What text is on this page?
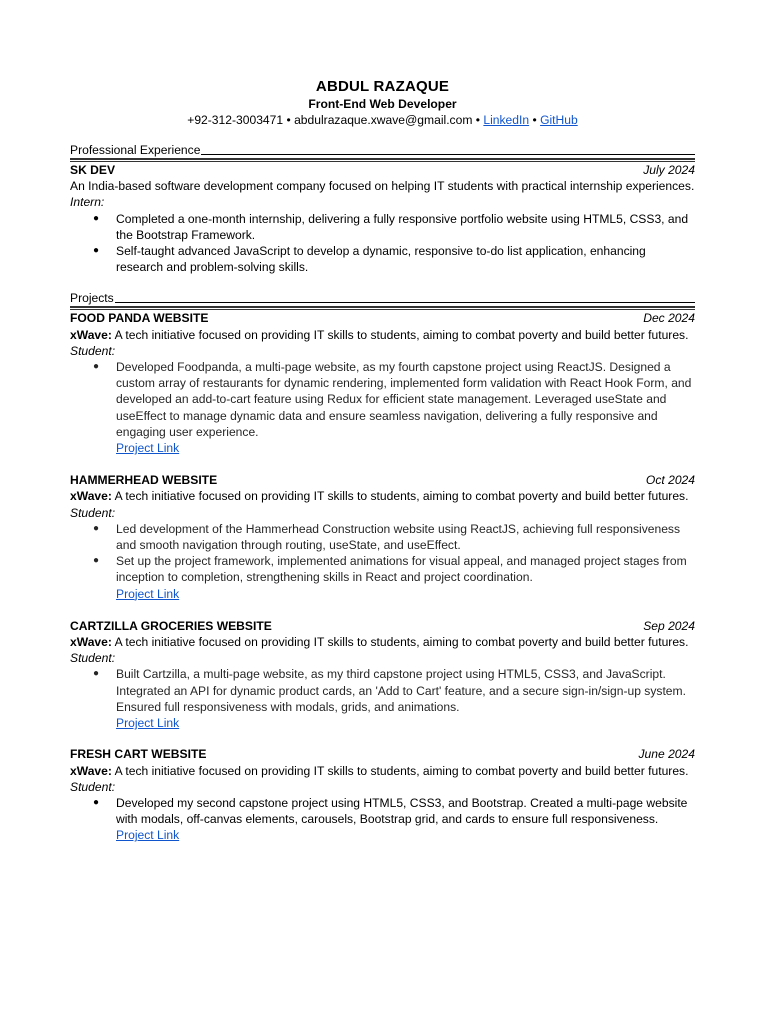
ABDUL RAZAQUE
Front-End Web Developer
+92-312-3003471 • abdulrazaque.xwave@gmail.com • LinkedIn • GitHub
Professional Experience
SK DEV	July 2024
An India-based software development company focused on helping IT students with practical internship experiences.
Intern:
● Completed a one-month internship, delivering a fully responsive portfolio website using HTML5, CSS3, and the Bootstrap Framework.
● Self-taught advanced JavaScript to develop a dynamic, responsive to-do list application, enhancing research and problem-solving skills.
Projects
FOOD PANDA WEBSITE	Dec 2024
xWave: A tech initiative focused on providing IT skills to students, aiming to combat poverty and build better futures.
Student:
● Developed Foodpanda, a multi-page website, as my fourth capstone project using ReactJS. Designed a custom array of restaurants for dynamic rendering, implemented form validation with React Hook Form, and developed an add-to-cart feature using Redux for efficient state management. Leveraged useState and useEffect to manage dynamic data and ensure seamless navigation, delivering a fully responsive and engaging user experience.
Project Link
HAMMERHEAD WEBSITE	Oct 2024
xWave: A tech initiative focused on providing IT skills to students, aiming to combat poverty and build better futures.
Student:
● Led development of the Hammerhead Construction website using ReactJS, achieving full responsiveness and smooth navigation through routing, useState, and useEffect.
● Set up the project framework, implemented animations for visual appeal, and managed project stages from inception to completion, strengthening skills in React and project coordination.
Project Link
CARTZILLA GROCERIES WEBSITE	Sep 2024
xWave: A tech initiative focused on providing IT skills to students, aiming to combat poverty and build better futures.
Student:
● Built Cartzilla, a multi-page website, as my third capstone project using HTML5, CSS3, and JavaScript. Integrated an API for dynamic product cards, an 'Add to Cart' feature, and a secure sign-in/sign-up system. Ensured full responsiveness with modals, grids, and animations.
Project Link
FRESH CART WEBSITE	June 2024
xWave: A tech initiative focused on providing IT skills to students, aiming to combat poverty and build better futures.
Student:
● Developed my second capstone project using HTML5, CSS3, and Bootstrap. Created a multi-page website with modals, off-canvas elements, carousels, Bootstrap grid, and cards to ensure full responsiveness.
Project Link
